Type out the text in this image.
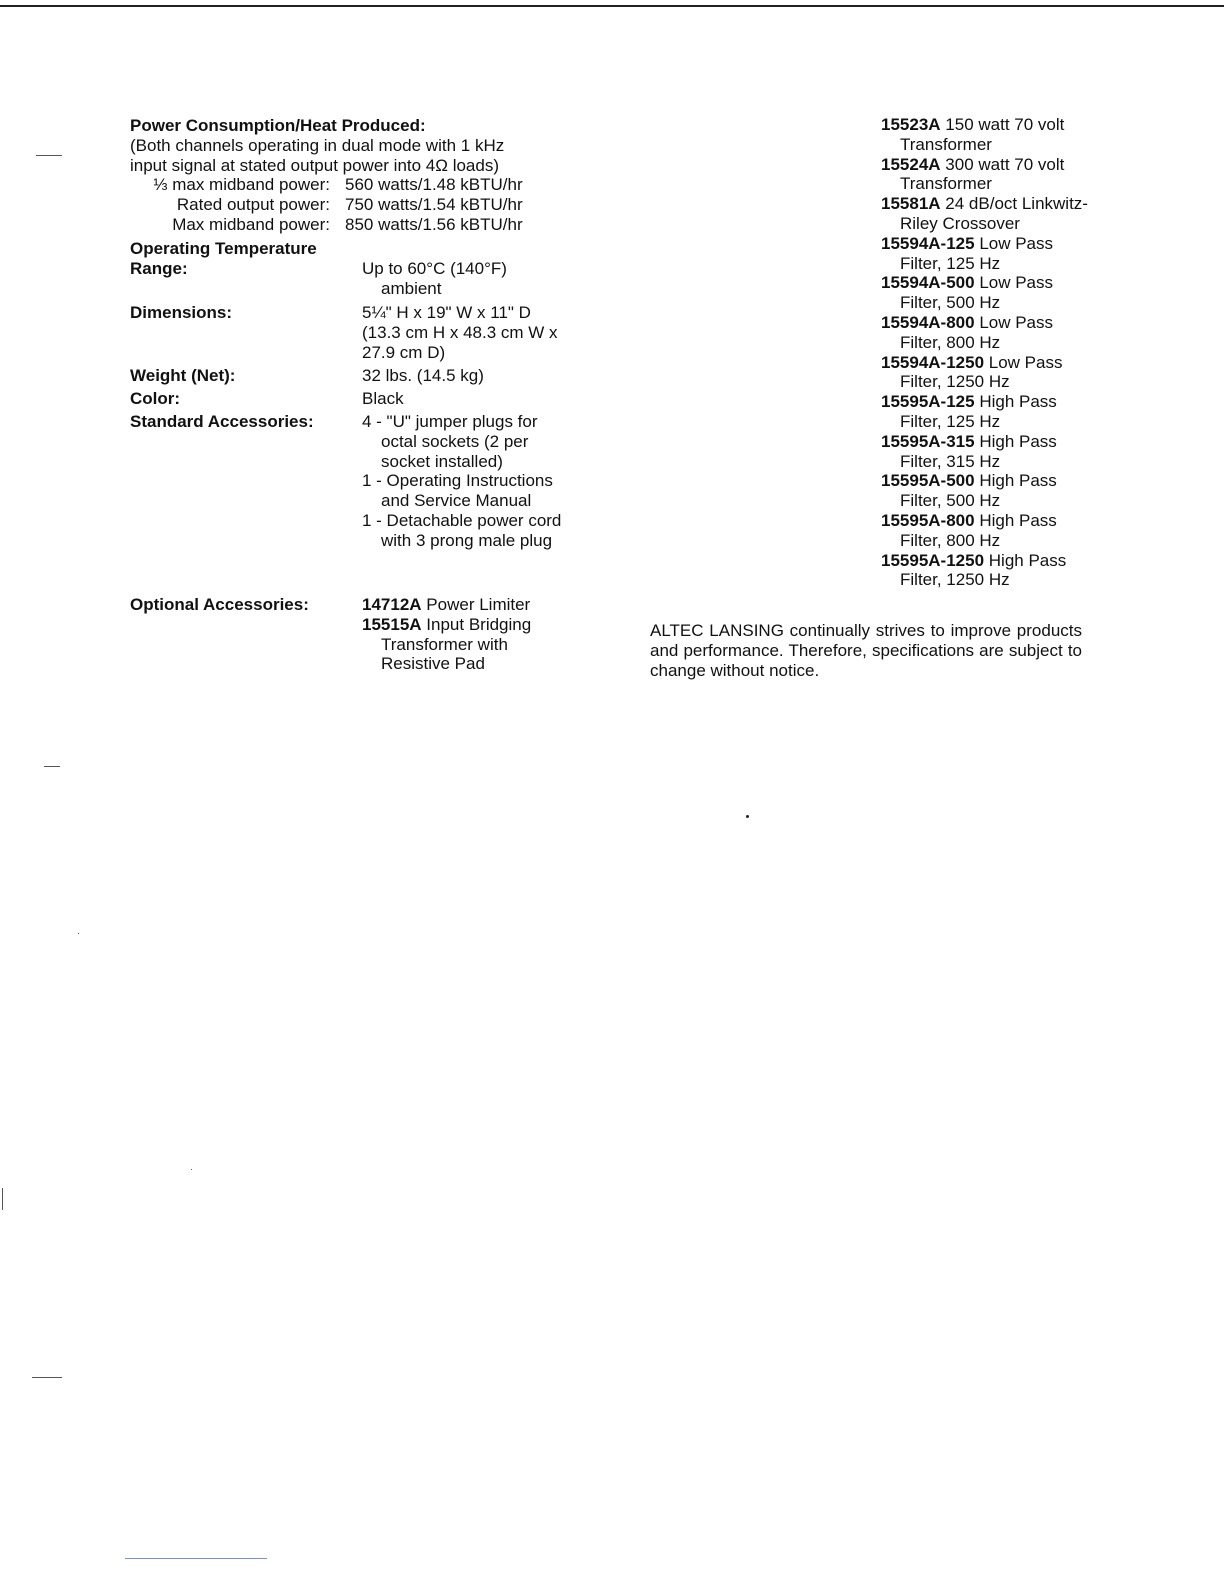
Power Consumption/Heat Produced:
(Both channels operating in dual mode with 1 kHz
input signal at stated output power into 4Ω loads)
⅓ max midband power: 560 watts/1.48 kBTU/hr
Rated output power: 750 watts/1.54 kBTU/hr
Max midband power: 850 watts/1.56 kBTU/hr
Operating Temperature
Range:	Up to 60°C (140°F)
ambient
Dimensions:	5¼" H x 19" W x 11" D
(13.3 cm H x 48.3 cm W x
27.9 cm D)
Weight (Net):	32 lbs. (14.5 kg)
Color:	Black
Standard Accessories:	4 - "U" jumper plugs for octal sockets (2 per socket installed)
1 - Operating Instructions and Service Manual
1 - Detachable power cord with 3 prong male plug
Optional Accessories:	14712A Power Limiter
15515A Input Bridging Transformer with Resistive Pad
15523A 150 watt 70 volt Transformer
15524A 300 watt 70 volt Transformer
15581A 24 dB/oct Linkwitz-Riley Crossover
15594A-125 Low Pass Filter, 125 Hz
15594A-500 Low Pass Filter, 500 Hz
15594A-800 Low Pass Filter, 800 Hz
15594A-1250 Low Pass Filter, 1250 Hz
15595A-125 High Pass Filter, 125 Hz
15595A-315 High Pass Filter, 315 Hz
15595A-500 High Pass Filter, 500 Hz
15595A-800 High Pass Filter, 800 Hz
15595A-1250 High Pass Filter, 1250 Hz
ALTEC LANSING continually strives to improve products and performance. Therefore, specifications are subject to change without notice.
